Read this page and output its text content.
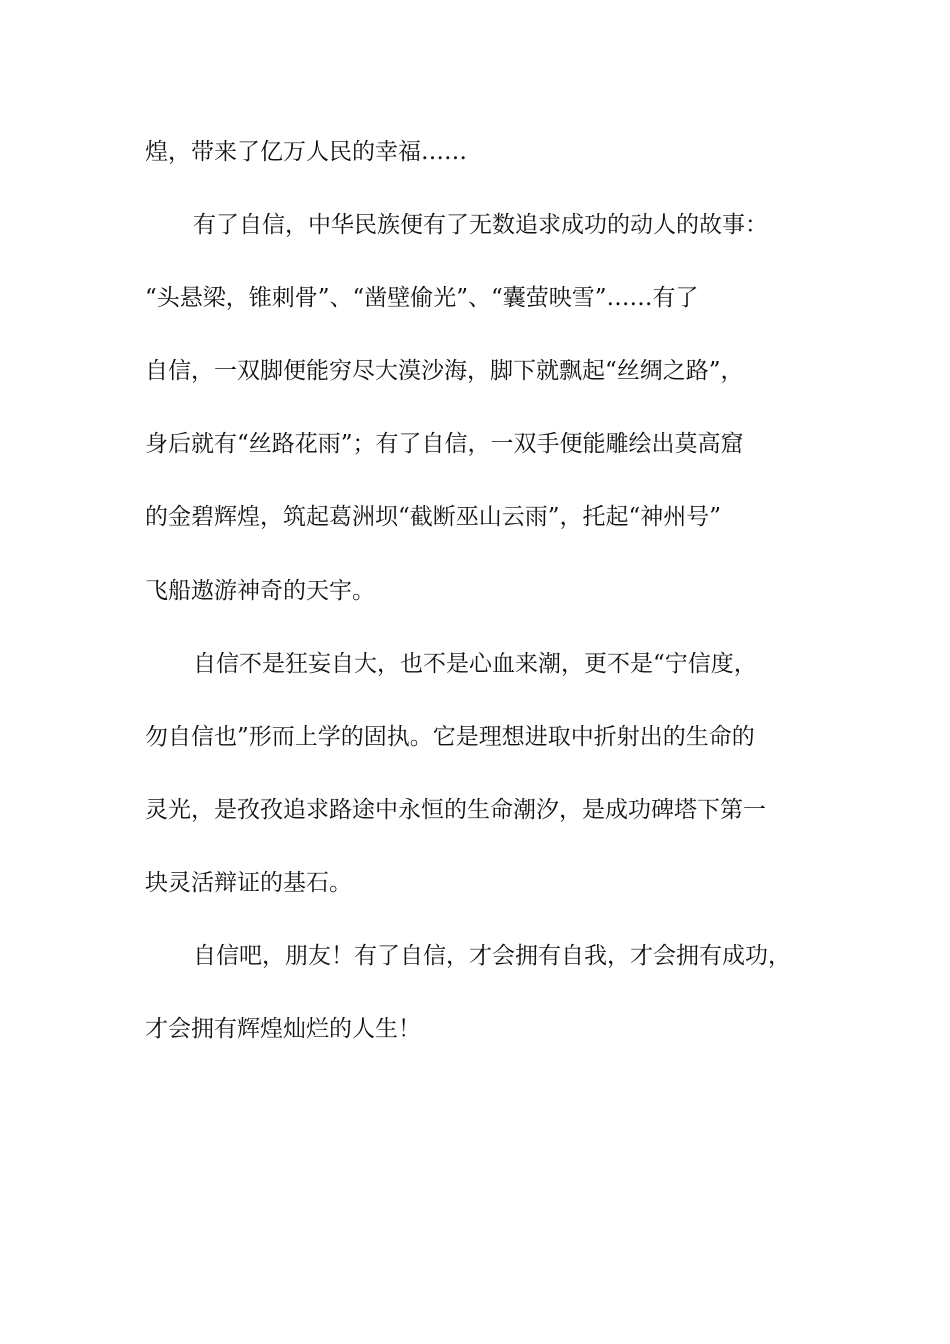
煌，带来了亿万人民的幸福……
有了自信，中华民族便有了无数追求成功的动人的故事：
“头悬梁，锥刺骨”、“凿壁偷光”、“囊萤映雪”……有了
自信，一双脚便能穷尽大漠沙海，脚下就飘起“丝绸之路”，
身后就有“丝路花雨”；有了自信，一双手便能雕绘出莫高窟
的金碧辉煌，筑起葛洲坝“截断巫山云雨”，托起“神州号”
飞船遨游神奇的天宇。
自信不是狂妄自大，也不是心血来潮，更不是“宁信度，
勿自信也”形而上学的固执。它是理想进取中折射出的生命的
灵光，是孜孜追求路途中永恒的生命潮汐，是成功碑塔下第一
块灵活辩证的基石。
自信吧，朋友！有了自信，才会拥有自我，才会拥有成功，
才会拥有辉煌灿烂的人生！
